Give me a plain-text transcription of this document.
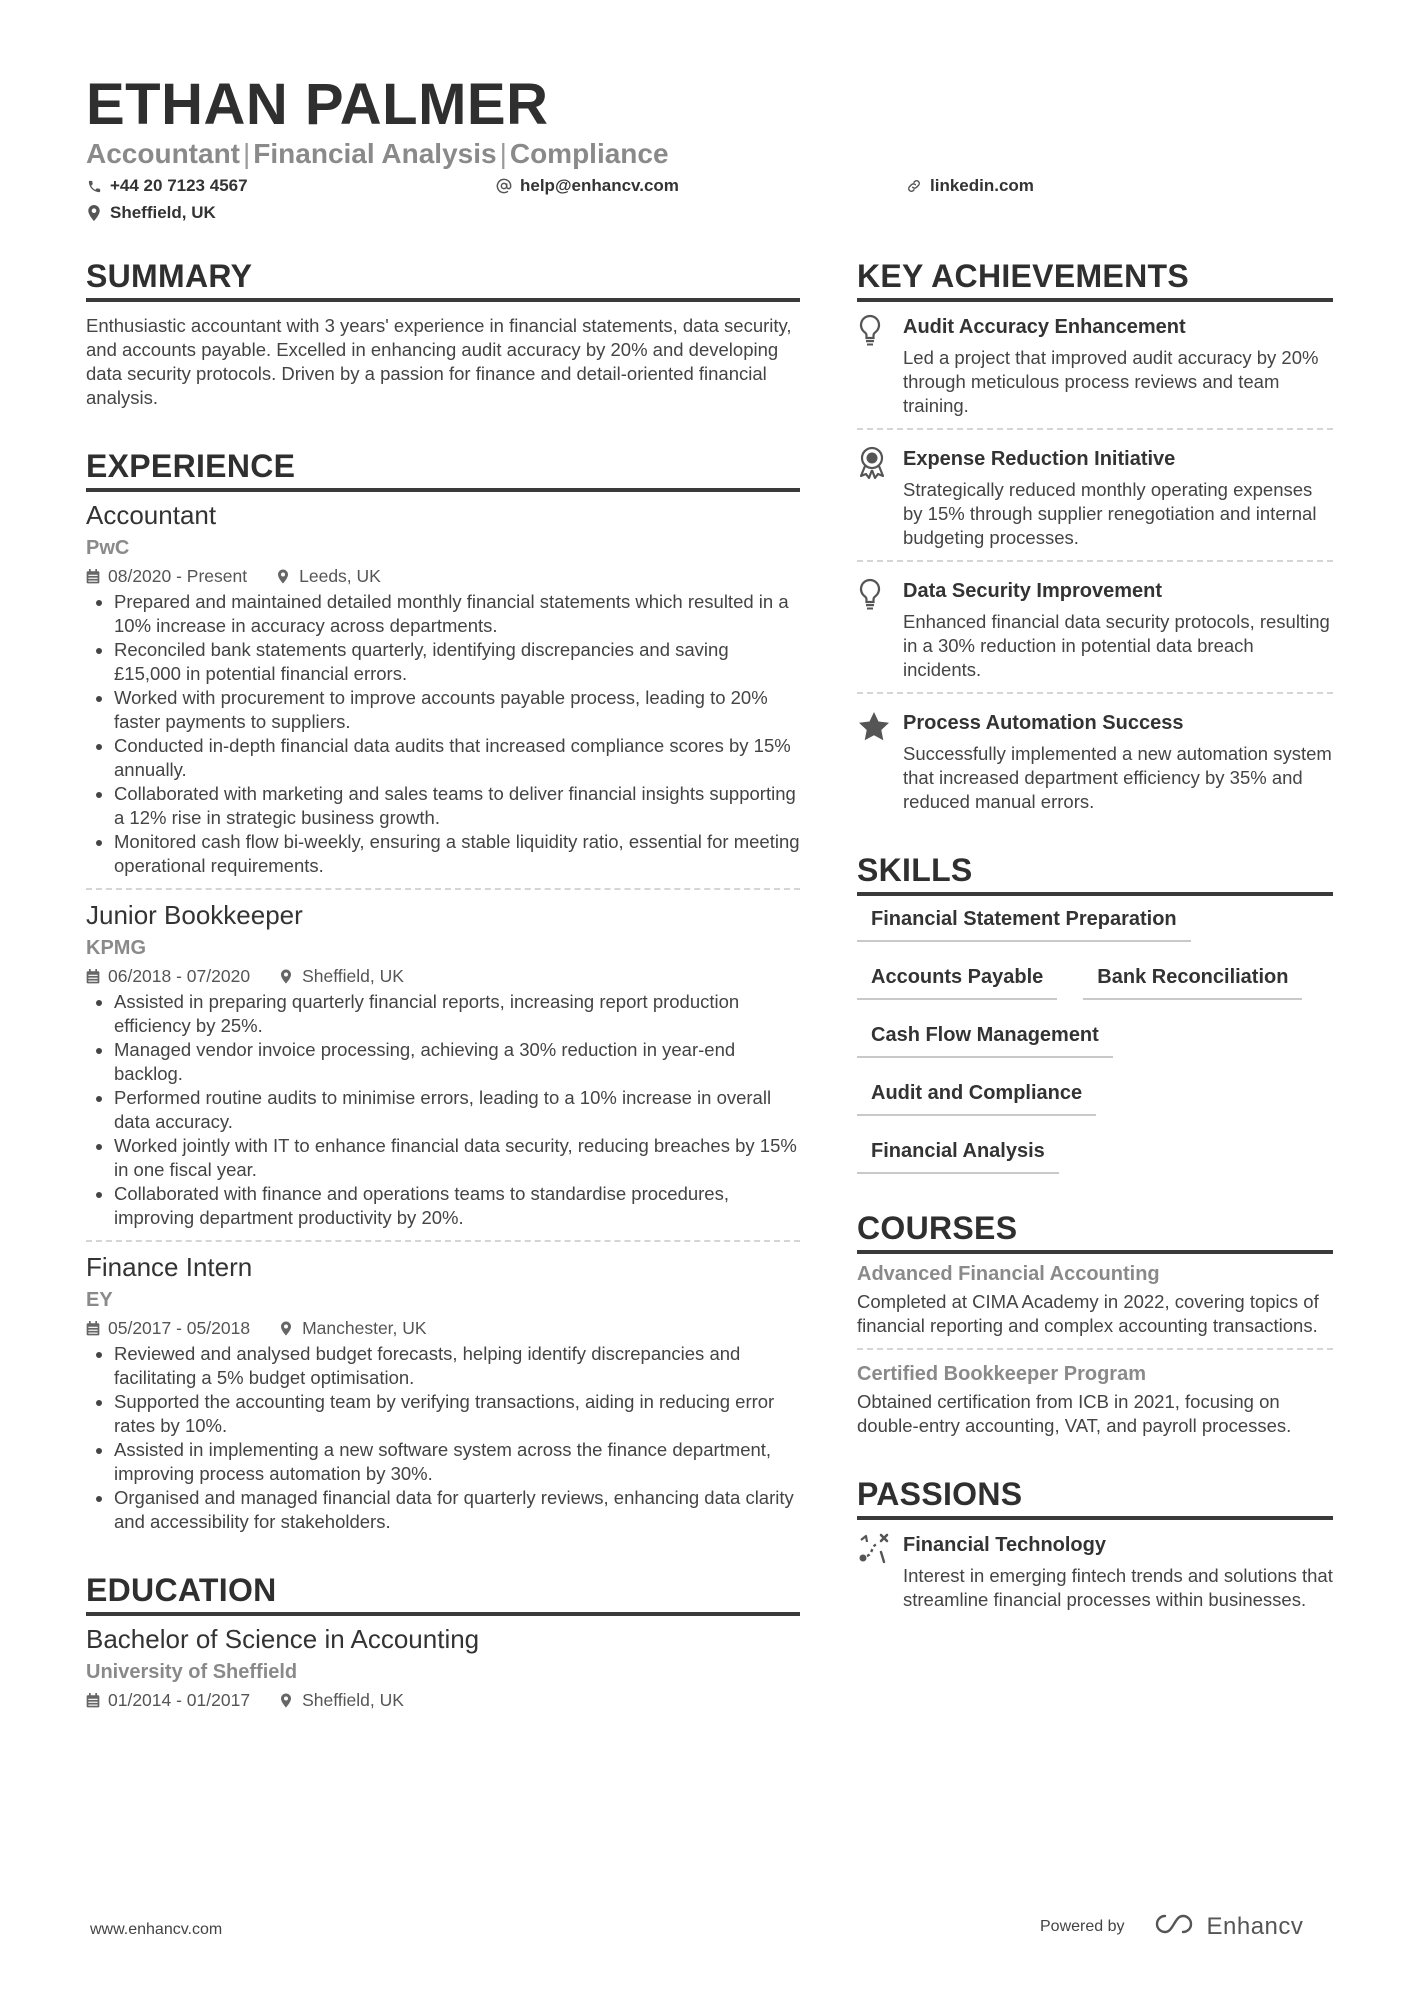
ETHAN PALMER
Accountant | Financial Analysis | Compliance
+44 20 7123 4567	help@enhancv.com	linkedin.com
Sheffield, UK
SUMMARY
Enthusiastic accountant with 3 years' experience in financial statements, data security, and accounts payable. Excelled in enhancing audit accuracy by 20% and developing data security protocols. Driven by a passion for finance and detail-oriented financial analysis.
EXPERIENCE
Accountant
PwC
08/2020 - Present	Leeds, UK
Prepared and maintained detailed monthly financial statements which resulted in a 10% increase in accuracy across departments.
Reconciled bank statements quarterly, identifying discrepancies and saving £15,000 in potential financial errors.
Worked with procurement to improve accounts payable process, leading to 20% faster payments to suppliers.
Conducted in-depth financial data audits that increased compliance scores by 15% annually.
Collaborated with marketing and sales teams to deliver financial insights supporting a 12% rise in strategic business growth.
Monitored cash flow bi-weekly, ensuring a stable liquidity ratio, essential for meeting operational requirements.
Junior Bookkeeper
KPMG
06/2018 - 07/2020	Sheffield, UK
Assisted in preparing quarterly financial reports, increasing report production efficiency by 25%.
Managed vendor invoice processing, achieving a 30% reduction in year-end backlog.
Performed routine audits to minimise errors, leading to a 10% increase in overall data accuracy.
Worked jointly with IT to enhance financial data security, reducing breaches by 15% in one fiscal year.
Collaborated with finance and operations teams to standardise procedures, improving department productivity by 20%.
Finance Intern
EY
05/2017 - 05/2018	Manchester, UK
Reviewed and analysed budget forecasts, helping identify discrepancies and facilitating a 5% budget optimisation.
Supported the accounting team by verifying transactions, aiding in reducing error rates by 10%.
Assisted in implementing a new software system across the finance department, improving process automation by 30%.
Organised and managed financial data for quarterly reviews, enhancing data clarity and accessibility for stakeholders.
EDUCATION
Bachelor of Science in Accounting
University of Sheffield
01/2014 - 01/2017	Sheffield, UK
KEY ACHIEVEMENTS
Audit Accuracy Enhancement
Led a project that improved audit accuracy by 20% through meticulous process reviews and team training.
Expense Reduction Initiative
Strategically reduced monthly operating expenses by 15% through supplier renegotiation and internal budgeting processes.
Data Security Improvement
Enhanced financial data security protocols, resulting in a 30% reduction in potential data breach incidents.
Process Automation Success
Successfully implemented a new automation system that increased department efficiency by 35% and reduced manual errors.
SKILLS
Financial Statement Preparation
Accounts Payable	Bank Reconciliation
Cash Flow Management
Audit and Compliance
Financial Analysis
COURSES
Advanced Financial Accounting
Completed at CIMA Academy in 2022, covering topics of financial reporting and complex accounting transactions.
Certified Bookkeeper Program
Obtained certification from ICB in 2021, focusing on double-entry accounting, VAT, and payroll processes.
PASSIONS
Financial Technology
Interest in emerging fintech trends and solutions that streamline financial processes within businesses.
www.enhancv.com	Powered by	Enhancv
